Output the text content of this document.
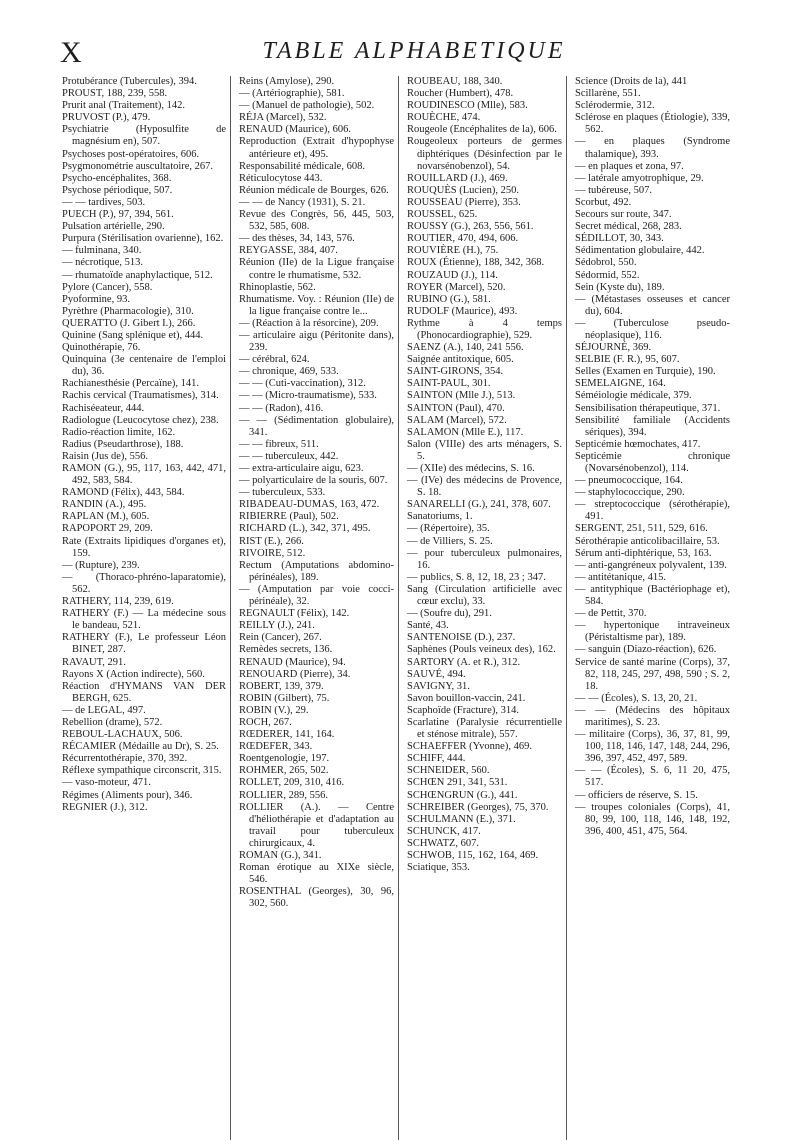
X	TABLE ALPHABETIQUE

Protubérance (Tubercules), 394.

PROUST, 188, 239, 558.

Prurit anal (Traitement), 142.

PRUVOST (P.), 479.

Psychiatrie (Hyposulfite de magnésium en), 507.

Psychoses post-opératoires, 606.

Psygmonométrie auscultatoire, 267.

Psycho-encéphalites, 368.

Psychose périodique, 507.

— — tardives, 503.

PUECH (P.), 97, 394, 561.

Pulsation artérielle, 290.

Purpura (Stérilisation ovarienne), 162.

— fulminana, 340.

— nécrotique, 513.

— rhumatoïde anaphylactique, 512.

Pylore (Cancer), 558.

Pyoformine, 93.

Pyrèthre (Pharmacologie), 310.

QUERATTO (J. Gibert I.), 266.

Quinine (Sang splénique et), 444.

Quinothérapie, 76.

Quinquina (3e centenaire de l'emploi du), 36.

Rachianesthésie (Percaïne), 141.

Rachis cervical (Traumatismes), 314.

Rachiséeateur, 444.

Radiologue (Leucocytose chez), 238.

Radio-réaction limite, 162.

Radius (Pseudarthrose), 188.

Raisin (Jus de), 556.

RAMON (G.), 95, 117, 163, 442, 471, 492, 583, 584.

RAMOND (Félix), 443, 584.

RANDIN (A.), 495.

RAPLAN (M.), 605.

RAPOPORT 29, 209.

Rate (Extraits lipidiques d'organes et), 159.

— (Rupture), 239.

— (Thoraco-phréno-laparatomie), 562.

RATHERY, 114, 239, 619.

RATHERY (F.) — La médecine sous le bandeau, 521.

RATHERY (F.), Le professeur Léon BINET, 287.

RAVAUT, 291.

Rayons X (Action indirecte), 560.

Réaction d'HYMANS VAN DER BERGH, 625.

— de LEGAL, 497.

Rebellion (drame), 572.

REBOUL-LACHAUX, 506.

RÉCAMIER (Médaille au Dr), S. 25.

Récurrentothérapie, 370, 392.

Réflexe sympathique circonscrit, 315.

— vaso-moteur, 471.

Régimes (Aliments pour), 346.

REGNIER (J.), 312.

Reins (Amylose), 290.

— (Artériographie), 581.

— (Manuel de pathologie), 502.

RÉJA (Marcel), 532.

RENAUD (Maurice), 606.

Reproduction (Extrait d'hypophyse antérieure et), 495.

Responsabilité médicale, 608.

Réticulocytose 443.

Réunion médicale de Bourges, 626.

— — de Nancy (1931), S. 21.

Revue des Congrès, 56, 445, 503, 532, 585, 608.

— des thèses, 34, 143, 576.

REYGASSE, 384, 407.

Réunion (IIe) de la Ligue française contre le rhumatisme, 532.

Rhinoplastie, 562.

Rhumatisme. Voy. : Réunion (IIe) de la ligue française contre le...

— (Réaction à la résorcine), 209.

— articulaire aigu (Péritonite dans), 239.

— cérébral, 624.

— chronique, 469, 533.

— — (Cuti-vaccination), 312.

— — (Micro-traumatisme), 533.

— — (Radon), 416.

— — (Sédimentation globulaire), 341.

— — fibreux, 511.

— — tuberculeux, 442.

— extra-articulaire aigu, 623.

— polyarticulaire de la souris, 607.

— tuberculeux, 533.

RIBADEAU-DUMAS, 163, 472.

RIBIERRE (Paul), 502.

RICHARD (L.), 342, 371, 495.

RIST (E.), 266.

RIVOIRE, 512.

Rectum (Amputations abdomino-périnéales), 189.

— (Amputation par voie cocci-périnéale), 32.

REGNAULT (Félix), 142.

REILLY (J.), 241.

Rein (Cancer), 267.

Remèdes secrets, 136.

RENAUD (Maurice), 94.

RENOUARD (Pierre), 34.

ROBERT, 139, 379.

ROBIN (Gilbert), 75.

ROBIN (V.), 29.

ROCH, 267.

RŒDERER, 141, 164.

RŒDEFER, 343.

Roentgenologie, 197.

ROHMER, 265, 502.

ROLLET, 209, 310, 416.

ROLLIER, 289, 556.

ROLLIER (A.). — Centre d'héliothérapie et d'adaptation au travail pour tuberculeux chirurgicaux, 4.

ROMAN (G.), 341.

Roman érotique au XIXe siècle, 546.

ROSENTHAL (Georges), 30, 96, 302, 560.

ROUBEAU, 188, 340.

Roucher (Humbert), 478.

ROUDINESCO (Mlle), 583.

ROUÈCHE, 474.

Rougeole (Encéphalites de la), 606.

Rougeoleux porteurs de germes diphtériques (Désinfection par le novarsénobenzol), 54.

ROUILLARD (J.), 469.

ROUQUÈS (Lucien), 250.

ROUSSEAU (Pierre), 353.

ROUSSEL, 625.

ROUSSY (G.), 263, 556, 561.

ROUTIER, 470, 494, 606.

ROUVIÈRE (H.), 75.

ROUX (Étienne), 188, 342, 368.

ROUZAUD (J.), 114.

ROYER (Marcel), 520.

RUBINO (G.), 581.

RUDOLF (Maurice), 493.

Rythme à 4 temps (Phonocardiographie), 529.

SAENZ (A.), 140, 241 556.

Saignée antitoxique, 605.

SAINT-GIRONS, 354.

SAINT-PAUL, 301.

SAINTON (Mlle J.), 513.

SAINTON (Paul), 470.

SALAM (Marcel), 572.

SALAMON (Mlle E.), 117.

Salon (VIIIe) des arts ménagers, S. 5.

— (XIIe) des médecins, S. 16.

— (IVe) des médecins de Provence, S. 18.

SANARELLI (G.), 241, 378, 607.

Sanatoriums, 1.

— (Répertoire), 35.

— de Villiers, S. 25.

— pour tuberculeux pulmonaires, 16.

— publics, S. 8, 12, 18, 23 ; 347.

Sang (Circulation artificielle avec cœur exclu), 33.

— (Soufre du), 291.

Santé, 43.

SANTENOISE (D.), 237.

Saphènes (Pouls veineux des), 162.

SARTORY (A. et R.), 312.

SAUVÉ, 494.

SAVIGNY, 31.

Savon bouillon-vaccin, 241.

Scaphoïde (Fracture), 314.

Scarlatine (Paralysie récurrentielle et sténose mitrale), 557.

SCHAEFFER (Yvonne), 469.

SCHIFF, 444.

SCHNEIDER, 560.

SCHŒN 291, 341, 531.

SCHŒNGRUN (G.), 441.

SCHREIBER (Georges), 75, 370.

SCHULMANN (E.), 371.

SCHUNCK, 417.

SCHWATZ, 607.

SCHWOB, 115, 162, 164, 469.

Sciatique, 353.

Science (Droits de la), 441

Scillarène, 551.

Sclérodermie, 312.

Sclérose en plaques (Étiologie), 339, 562.

— en plaques (Syndrome thalamique), 393.

— en plaques et zona, 97.

— latérale amyotrophique, 29.

— tubéreuse, 507.

Scorbut, 492.

Secours sur route, 347.

Secret médical, 268, 283.

SÉDILLOT, 30, 343.

Sédimentation globulaire, 442.

Sédobrol, 550.

Sédormid, 552.

Sein (Kyste du), 189.

— (Métastases osseuses et cancer du), 604.

— (Tuberculose pseudo-néoplasique), 116.

SÉJOURNÉ, 369.

SELBIE (F. R.), 95, 607.

Selles (Examen en Turquie), 190.

SEMELAIGNE, 164.

Séméiologie médicale, 379.

Sensibilisation thérapeutique, 371.

Sensibilité familiale (Accidents sériques), 394.

Septicémie hœmochates, 417.

Septicémie chronique (Novarsénobenzol), 114.

— pneumococcique, 164.

— staphylococcique, 290.

— streptococcique (sérothérapie), 491.

SERGENT, 251, 511, 529, 616.

Sérothérapie anticolibacillaire, 53.

Sérum anti-diphtérique, 53, 163.

— anti-gangréneux polyvalent, 139.

— antitétanique, 415.

— antityphique (Bactériophage et), 584.

— de Pettit, 370.

— hypertonique intraveineux (Péristaltisme par), 189.

— sanguin (Diazo-réaction), 626.

Service de santé marine (Corps), 37, 82, 118, 245, 297, 498, 590 ; S. 2, 18.

— — (Écoles), S. 13, 20, 21.

— — (Médecins des hôpitaux maritimes), S. 23.

— militaire (Corps), 36, 37, 81, 99, 100, 118, 146, 147, 148, 244, 296, 396, 397, 452, 497, 589.

— — (Écoles), S. 6, 11 20, 475, 517.

— officiers de réserve, S. 15.

— troupes coloniales (Corps), 41, 80, 99, 100, 118, 146, 148, 192, 396, 400, 451, 475, 564.
